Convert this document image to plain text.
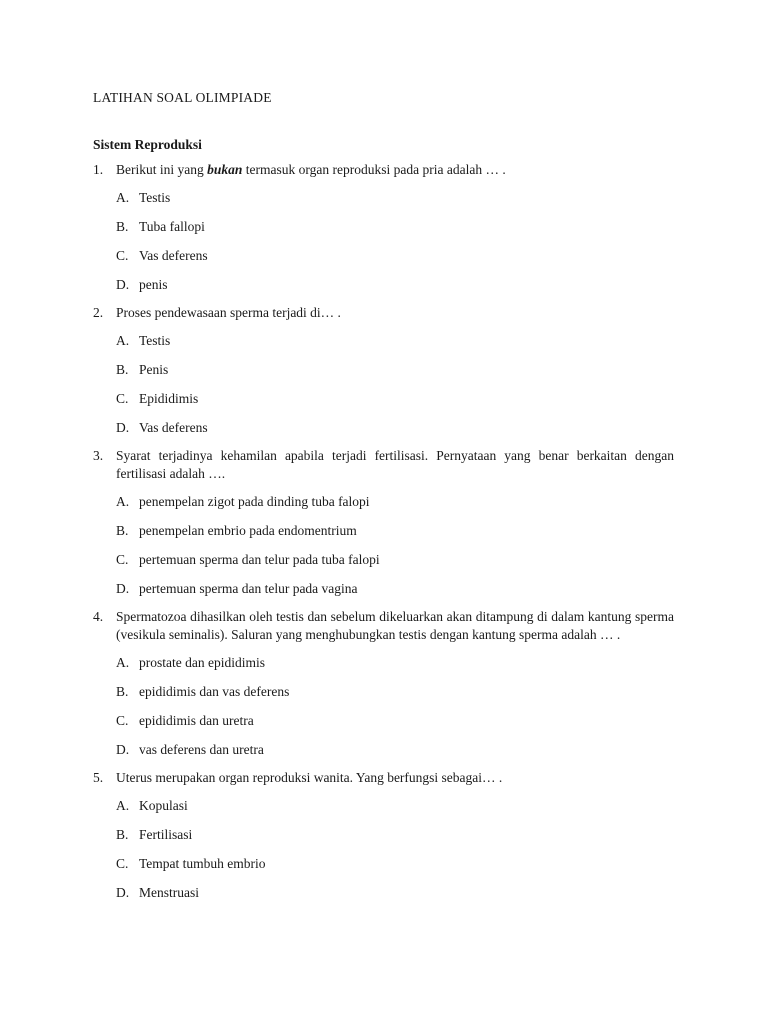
LATIHAN SOAL OLIMPIADE
Sistem Reproduksi
1. Berikut ini yang bukan termasuk organ reproduksi pada pria adalah … .
A. Testis
B. Tuba fallopi
C. Vas deferens
D. penis
2. Proses pendewasaan sperma terjadi di… .
A. Testis
B. Penis
C. Epididimis
D. Vas deferens
3. Syarat terjadinya kehamilan apabila terjadi fertilisasi. Pernyataan yang benar berkaitan dengan fertilisasi adalah ….
A. penempelan zigot pada dinding tuba falopi
B. penempelan embrio pada endomentrium
C. pertemuan sperma dan telur pada tuba falopi
D. pertemuan sperma dan telur pada vagina
4. Spermatozoa dihasilkan oleh testis dan sebelum dikeluarkan akan ditampung di dalam kantung sperma (vesikula seminalis). Saluran yang menghubungkan testis dengan kantung sperma adalah … .
A. prostate dan epididimis
B. epididimis dan vas deferens
C. epididimis dan uretra
D. vas deferens dan uretra
5. Uterus merupakan organ reproduksi wanita. Yang berfungsi sebagai… .
A. Kopulasi
B. Fertilisasi
C. Tempat tumbuh embrio
D. Menstruasi
